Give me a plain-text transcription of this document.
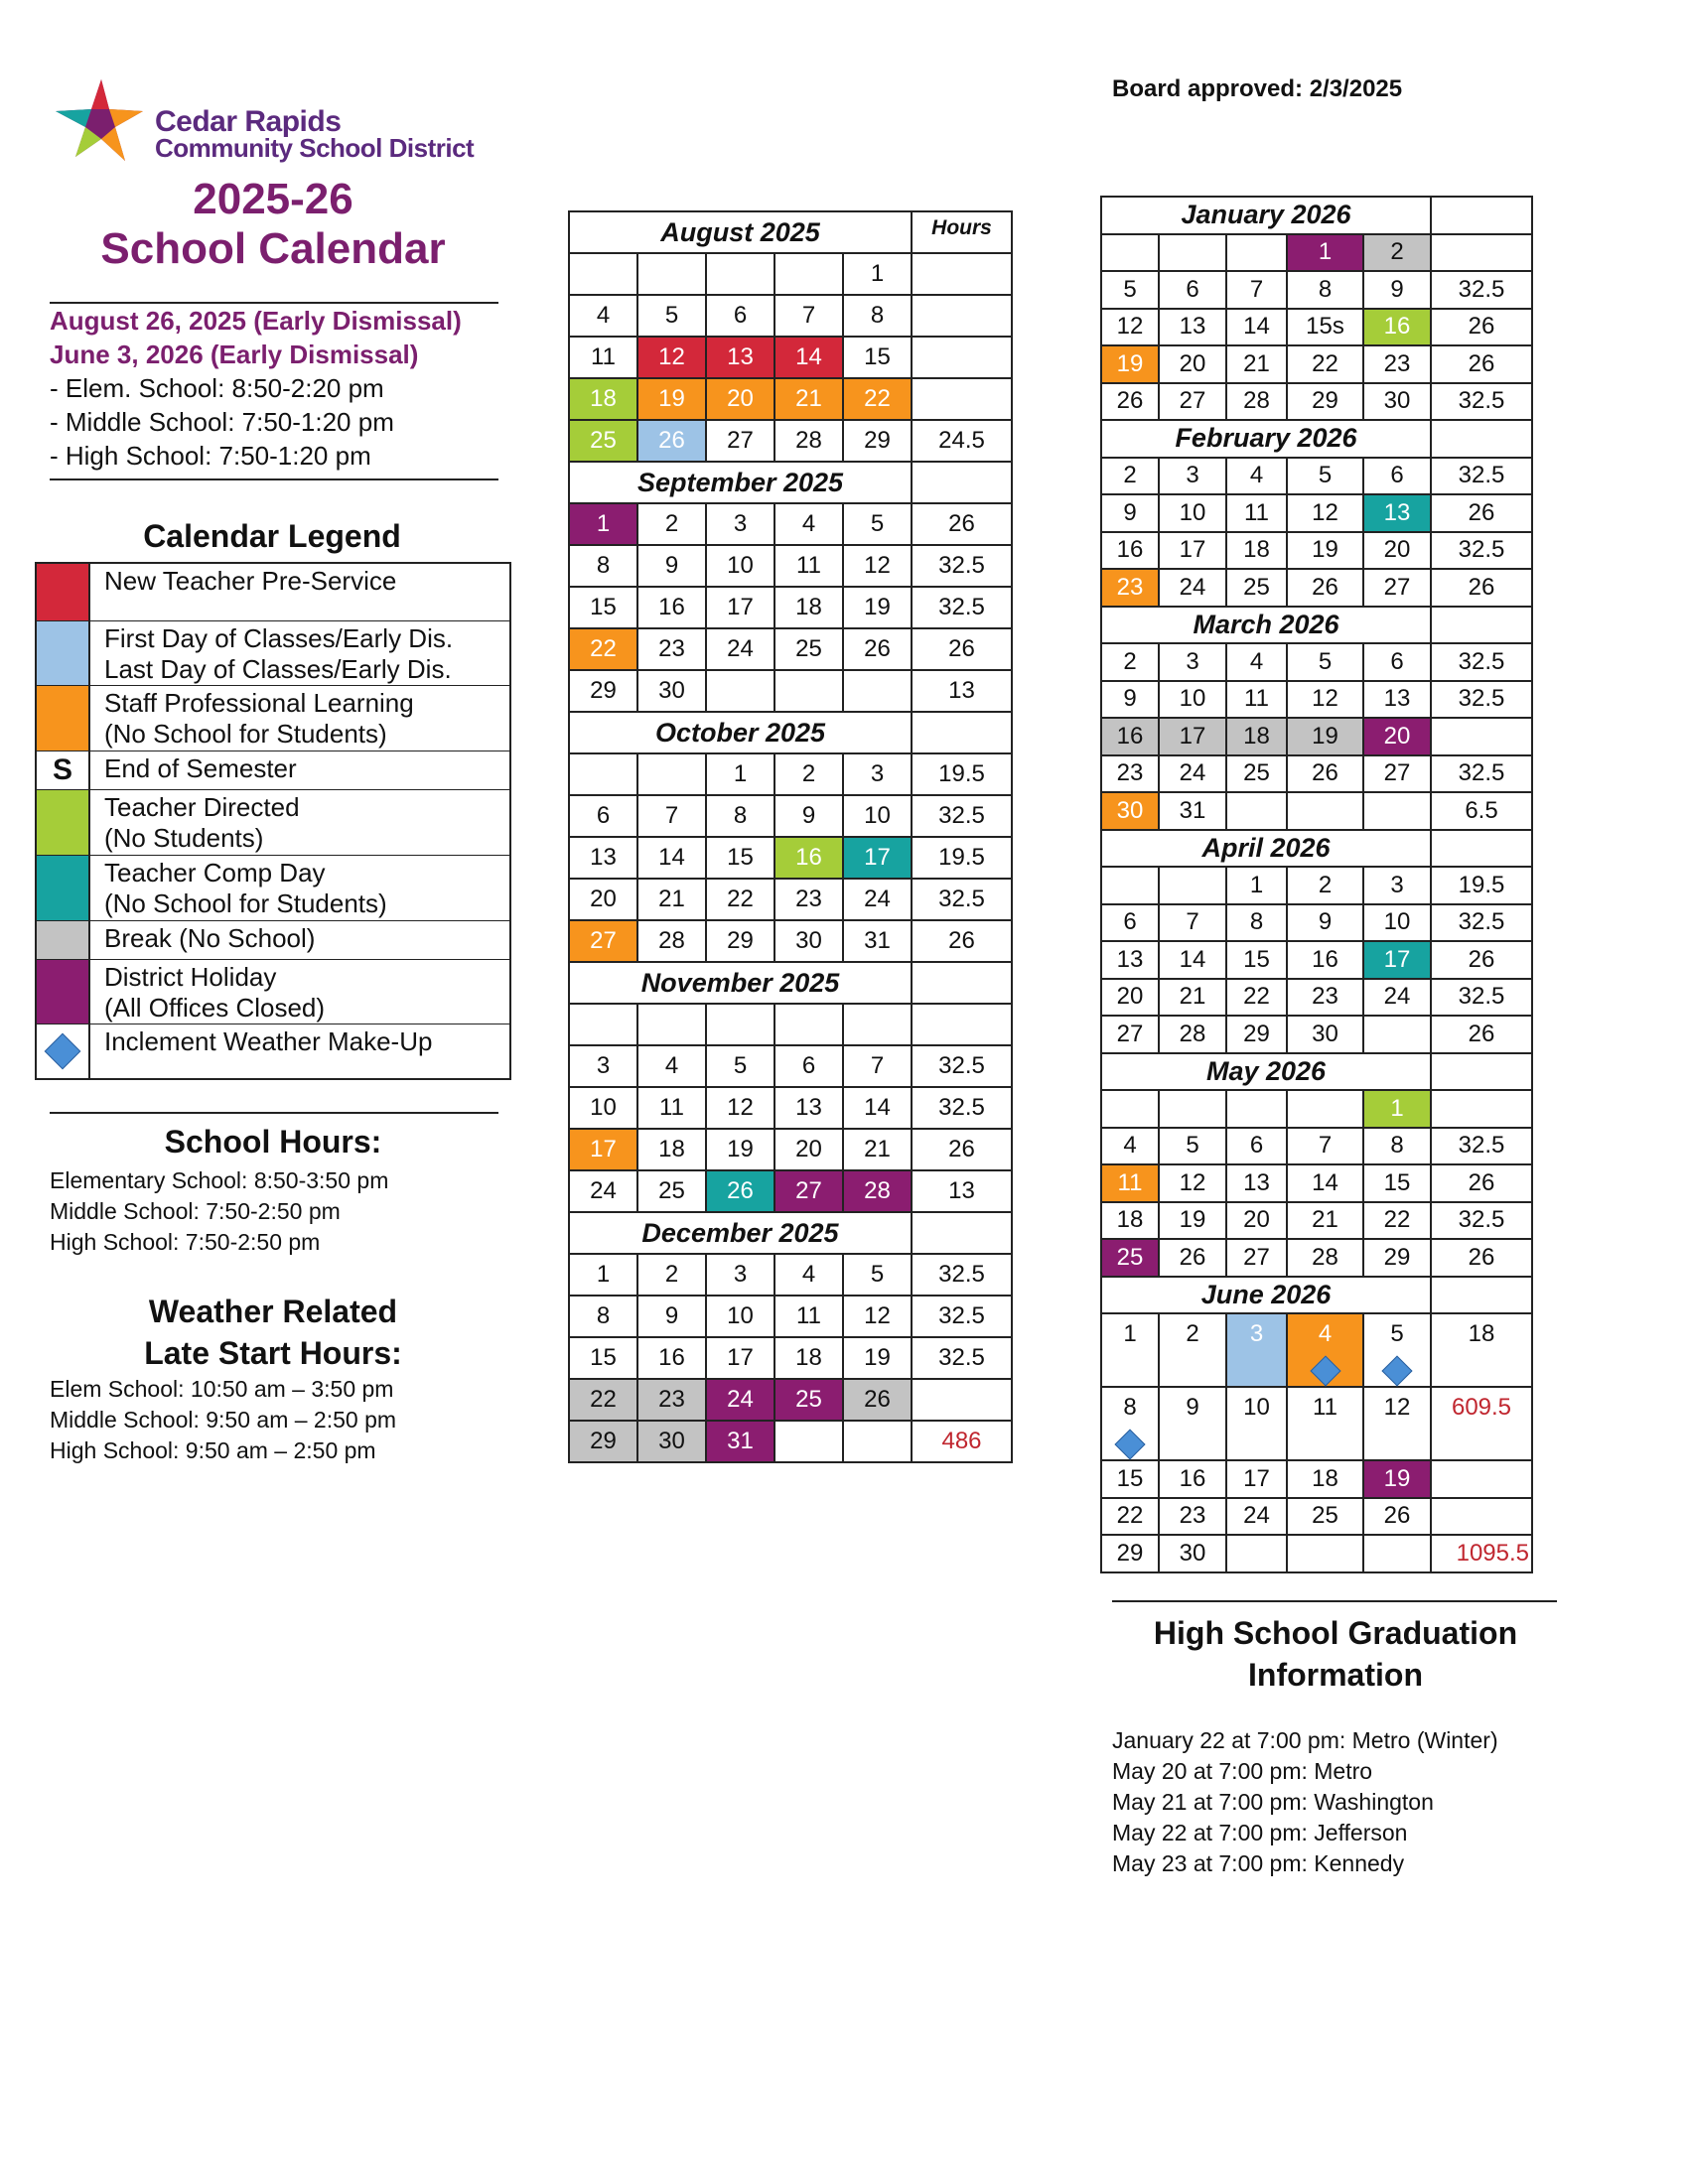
Cedar Rapids
Community School District
Board approved: 2/3/2025
2025-26
School Calendar
August 26, 2025 (Early Dismissal)
June 3, 2026 (Early Dismissal)
- Elem. School: 8:50-2:20 pm
- Middle School: 7:50-1:20 pm
- High School: 7:50-1:20 pm
Calendar Legend
New Teacher Pre-Service
First Day of Classes/Early Dis.
Last Day of Classes/Early Dis.
Staff Professional Learning
(No School for Students)
S	End of Semester
Teacher Directed
(No Students)
Teacher Comp Day
(No School for Students)
Break (No School)
District Holiday
(All Offices Closed)
Inclement Weather Make-Up
School Hours:
Elementary School: 8:50-3:50 pm
Middle School: 7:50-2:50 pm
High School: 7:50-2:50 pm
Weather Related
Late Start Hours:
Elem School: 10:50 am – 3:50 pm
Middle School: 9:50 am – 2:50 pm
High School: 9:50 am – 2:50 pm
August 2025					Hours
				1	
4	5	6	7	8	
11	12	13	14	15	
18	19	20	21	22	
25	26	27	28	29	24.5
September 2025					
1	2	3	4	5	26
8	9	10	11	12	32.5
15	16	17	18	19	32.5
22	23	24	25	26	26
29	30				13
October 2025					
		1	2	3	19.5
6	7	8	9	10	32.5
13	14	15	16	17	19.5
20	21	22	23	24	32.5
27	28	29	30	31	26
November 2025					

3	4	5	6	7	32.5
10	11	12	13	14	32.5
17	18	19	20	21	26
24	25	26	27	28	13
December 2025					
1	2	3	4	5	32.5
8	9	10	11	12	32.5
15	16	17	18	19	32.5
22	23	24	25	26	
29	30	31			486
January 2026					
			1	2	
5	6	7	8	9	32.5
12	13	14	15s	16	26
19	20	21	22	23	26
26	27	28	29	30	32.5
February 2026					
2	3	4	5	6	32.5
9	10	11	12	13	26
16	17	18	19	20	32.5
23	24	25	26	27	26
March 2026					
2	3	4	5	6	32.5
9	10	11	12	13	32.5
16	17	18	19	20	
23	24	25	26	27	32.5
30	31				6.5
April 2026					
		1	2	3	19.5
6	7	8	9	10	32.5
13	14	15	16	17	26
20	21	22	23	24	32.5
27	28	29	30		26
May 2026					
				1	
4	5	6	7	8	32.5
11	12	13	14	15	26
18	19	20	21	22	32.5
25	26	27	28	29	26
June 2026					
1	2	3	4	5	18
8	9	10	11	12	609.5
15	16	17	18	19	
22	23	24	25	26	
29	30				1095.5
High School Graduation
Information
January 22 at 7:00 pm: Metro (Winter)
May 20 at 7:00 pm: Metro
May 21 at 7:00 pm: Washington
May 22 at 7:00 pm: Jefferson
May 23 at 7:00 pm: Kennedy
